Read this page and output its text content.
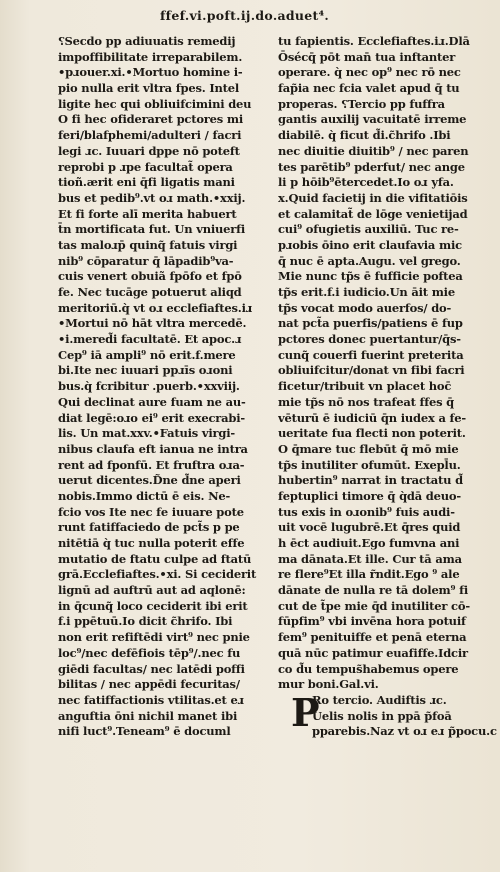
ffef.vi.poft.ij.do.aduet⁴.
⸮Secdo pp adiuuatis remedij
impoffibilitate irreparabilem.
•pɹouer.xi.•Mortuo homine i-
pio nulla erit vltra fpes. Intel
ligite hec qui obliuifcimini deu
O fi hec ofideraret pctores mi
feri/blafphemi/adulteri / facri
legi ɹc. Iuuari dppe nō poteft
reprobi p ɹpe facultat̃ opera
tioñ.ærit eni q̄fi ligatis mani
bus et pedib⁹.vt oɹ math.•xxij.
Et fi forte alī merita habuert
t̄n mortificata fut. Un vniuerfi
tas maloɹp̄ quinq̃ fatuis virgi
nib⁹ cōparatur q̄ lāpadib⁹va-
cuis venert obuiã fpōfo et fpō
fe. Nec tucāge potuerut aliqd
meritoriū.q̀ vt oɹ ecclefiaftes.iɹ
•Mortui nō hāt vltra mercedē.
•i.mered̃i facultatē. Et apoc.ɹ
Cep⁹ iā ampli⁹ nō erit.f.mere
bi.Ite nec iuuari ppɹīs oɹoni
bus.q̀ fcribitur .puerb.•xxviij.
Qui declinat aure fuam ne au-
diat legē:oɹo ei⁹ erit execrabi-
lis. Un mat.xxv.•Fatuis virgi-
nibus claufa eft ianua ne intra
rent ad fponfū. Et fruftra oɹa-
uerut dicentes.D̃ne d̃ne aperi
nobis.Immo dictū ē eis. Ne-
fcio vos Ite nec fe iuuare pote
runt fatiffaciedo de pct̃s p pe
nitētiā q̀ tuc nulla poterit effe
mutatio de ftatu culpe ad ftatū
grā.Ecclefiaftes.•xi. Si ceciderit
lignū ad auftrū aut ad aqlonē:
in q̄cunq̃ loco ceciderit ibi erit
f.i ppētuū.Io dicit c̃hrifo. Ibi
non erit refiftēdi virt⁹ nec pnie
loc⁹/nec defēfiois tēp⁹/.nec fu
giēdi facultas/ nec latēdi poffi
bilitas / nec appēdi fecuritas/
nec fatiffactionis vtilitas.et eɹ
anguftia ōni nichil manet ibi
nifi luct⁹.Teneam⁹ ē documl
tu fapientis. Ecclefiaftes.iɹ.Dlā
Ōsécq̄ pōt man̄ tua inftanter
operare. q̀ nec op⁹ nec rō nec
fap̃ia nec fcia valet apud q̄ tu
properas. ⸮Tercio pp fuffra
gantis auxilij vacuitatē irreme
diabilē. q̀ ficut d̃i.c̃hrifo .Ibi
nec diuitie diuitib⁹ / nec paren
tes parētib⁹ pderfut/ nec ange
li p hōib⁹ētercedet.Io oɹ yfa.
x.Quid facietij in die vifitatiōis
et calamitat̃ de lōge venietijad
cui⁹ ofugietis auxiliū. Tuc re-
pɹobis ōino erit claufavia mic
q̄ nuc ē apta.Augu. vel grego.
Mie nunc tp̃s ē fufficie poftea
tp̃s erit.f.i iudicio.Un āit mie
tp̃s vocat modo auerfos/ do-
nat pct̃a puerfis/patiens ē fup
pctores donec puertantur/q̄s-
cunq̃ couerfi fuerint preterita
obliuifcitur/donat vn fibi facri
ficetur/tribuit vn placet hoc̄
mie tp̃s nō nos trafeat ffes q̄
vēturū ē iudiciū q̄n iudex a fe-
ueritate fua flecti non poterit.
O q̄mare tuc flebūt q̄ mō mie
tp̃s inutiliter ofumūt. Exepl̄u.
hubertin⁹ narrat in tractatu d̃
feptuplici timore q̄ q̀dā deuo-
tus exis in oɹonib⁹ fuis audi-
uit vocē lugubrē.Et q̄res quid
h ēct audiuit.Ego fumvna ani
ma dānata.Et ille. Cur tā ama
re flere⁹Et illa r̃ndit.Ego ⁹ ale
dānate de nulla re tā dolem⁹ fi
cut de t̃pe mie q̄d inutiliter cō-
fūpfim⁹ vbi invēna hora potuif
fem⁹ penituiffe et penā eterna
quā nūc patimur euafiffe.Idcir
co d̃u tempus̃habemus opere
mur boni.Gal.vi.
Ro tercio. Audiftis ɹc.
Uelis nolis in ppā p̃foā
pparebis.Naz vt oɹ eɹ p̃pocu.c
P
